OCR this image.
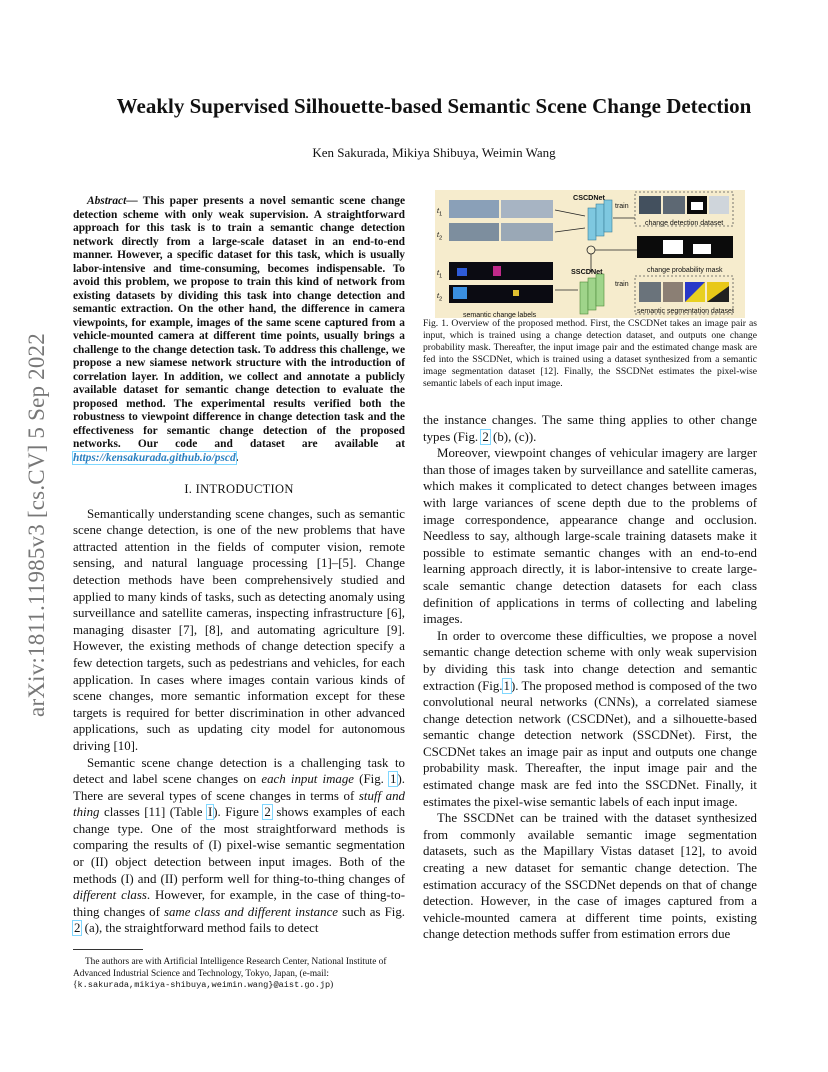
arXiv:1811.11985v3 [cs.CV] 5 Sep 2022
Weakly Supervised Silhouette-based Semantic Scene Change Detection
Ken Sakurada, Mikiya Shibuya, Weimin Wang

Abstract— This paper presents a novel semantic scene change detection scheme with only weak supervision. A straightforward approach for this task is to train a semantic change detection network directly from a large-scale dataset in an end-to-end manner. However, a specific dataset for this task, which is usually labor-intensive and time-consuming, becomes indispensable. To avoid this problem, we propose to train this kind of network from existing datasets by dividing this task into change detection and semantic extraction. On the other hand, the difference in camera viewpoints, for example, images of the same scene captured from a vehicle-mounted camera at different time points, usually brings a challenge to the change detection task. To address this challenge, we propose a new siamese network structure with the introduction of correlation layer. In addition, we collect and annotate a publicly available dataset for semantic change detection to evaluate the proposed method. The experimental results verified both the robustness to viewpoint difference in change detection task and the effectiveness for semantic change detection of the proposed networks. Our code and dataset are available at https://kensakurada.github.io/pscd.

I. INTRODUCTION

Semantically understanding scene changes, such as semantic scene change detection, is one of the new problems that have attracted attention in the fields of computer vision, remote sensing, and natural language processing [1]–[5]. Change detection methods have been comprehensively studied and applied to many kinds of tasks, such as detecting anomaly using surveillance and satellite cameras, inspecting infrastructure [6], managing disaster [7], [8], and automating agriculture [9]. However, the existing methods of change detection specify a few detection targets, such as pedestrians and vehicles, for each application. In cases where images contain various kinds of scene changes, more semantic information except for these targets is required for better discrimination in other advanced applications, such as updating city model for autonomous driving [10].

Semantic scene change detection is a challenging task to detect and label scene changes on each input image (Fig. 1). There are several types of scene changes in terms of stuff and thing classes [11] (Table I). Figure 2 shows examples of each change type. One of the most straightforward methods is comparing the results of (I) pixel-wise semantic segmentation or (II) object detection between input images. Both of the methods (I) and (II) perform well for thing-to-thing changes of different class. However, for example, in the case of thing-to-thing changes of same class and different instance such as Fig. 2 (a), the straightforward method fails to detect

The authors are with Artificial Intelligence Research Center, National Institute of Advanced Industrial Science and Technology, Tokyo, Japan, (e-mail: {k.sakurada,mikiya-shibuya,weimin.wang}@aist.go.jp)
$t_1$
$t_2$
$t_1$
$t_2$
CSCDNet
SSCDNet
train
train
change detection dataset
change probability mask
semantic segmentation dataset
semantic change labels

Fig. 1. Overview of the proposed method. First, the CSCDNet takes an image pair as input, which is trained using a change detection dataset, and outputs one change probability mask. Thereafter, the input image pair and the estimated change mask are fed into the SSCDNet, which is trained using a dataset synthesized from a semantic image segmentation dataset [12]. Finally, the SSCDNet estimates the pixel-wise semantic labels of each input image.

the instance changes. The same thing applies to other change types (Fig. 2 (b), (c)).

Moreover, viewpoint changes of vehicular imagery are larger than those of images taken by surveillance and satellite cameras, which makes it complicated to detect changes between images with large variances of scene depth due to the problems of image correspondence, appearance change and occlusion. Needless to say, although large-scale training datasets make it possible to estimate semantic changes with an end-to-end learning approach directly, it is labor-intensive to create large-scale semantic change detection datasets for each class definition of applications in terms of collecting and labeling images.

In order to overcome these difficulties, we propose a novel semantic change detection scheme with only weak supervision by dividing this task into change detection and semantic extraction (Fig.1). The proposed method is composed of the two convolutional neural networks (CNNs), a correlated siamese change detection network (CSCDNet), and a silhouette-based semantic change detection network (SSCDNet). First, the CSCDNet takes an image pair as input and outputs one change probability mask. Thereafter, the input image pair and the estimated change mask are fed into the SSCDNet. Finally, it estimates the pixel-wise semantic labels of each input image.

The SSCDNet can be trained with the dataset synthesized from commonly available semantic image segmentation datasets, such as the Mapillary Vistas dataset [12], to avoid creating a new dataset for semantic change detection. The estimation accuracy of the SSCDNet depends on that of change detection. However, in the case of images captured from a vehicle-mounted camera at different time points, existing change detection methods suffer from estimation errors due
